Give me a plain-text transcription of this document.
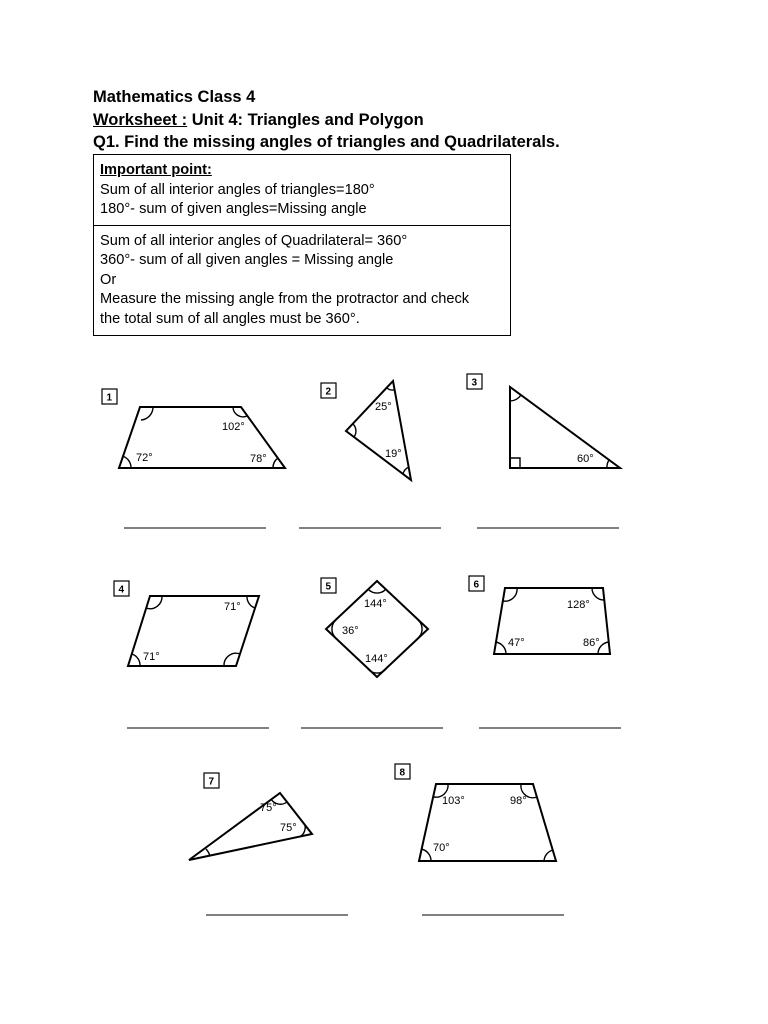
Mathematics Class 4
Worksheet : Unit 4: Triangles and Polygon
Q1. Find the missing angles of triangles and Quadrilaterals.
Important point:
Sum of all interior angles of triangles=180°
180°- sum of given angles=Missing angle
Sum of all interior angles of Quadrilateral= 360°
360°- sum of all given angles = Missing angle
Or
Measure the missing angle from the protractor and check
the total sum of all angles must be 360°.
1
102°
72°	78°
2
25°
19°
3
60°
4
71°
71°
5
144°
36°
144°
6
128°
47°	86°
7
75°
75°
8
103°	98°
70°
